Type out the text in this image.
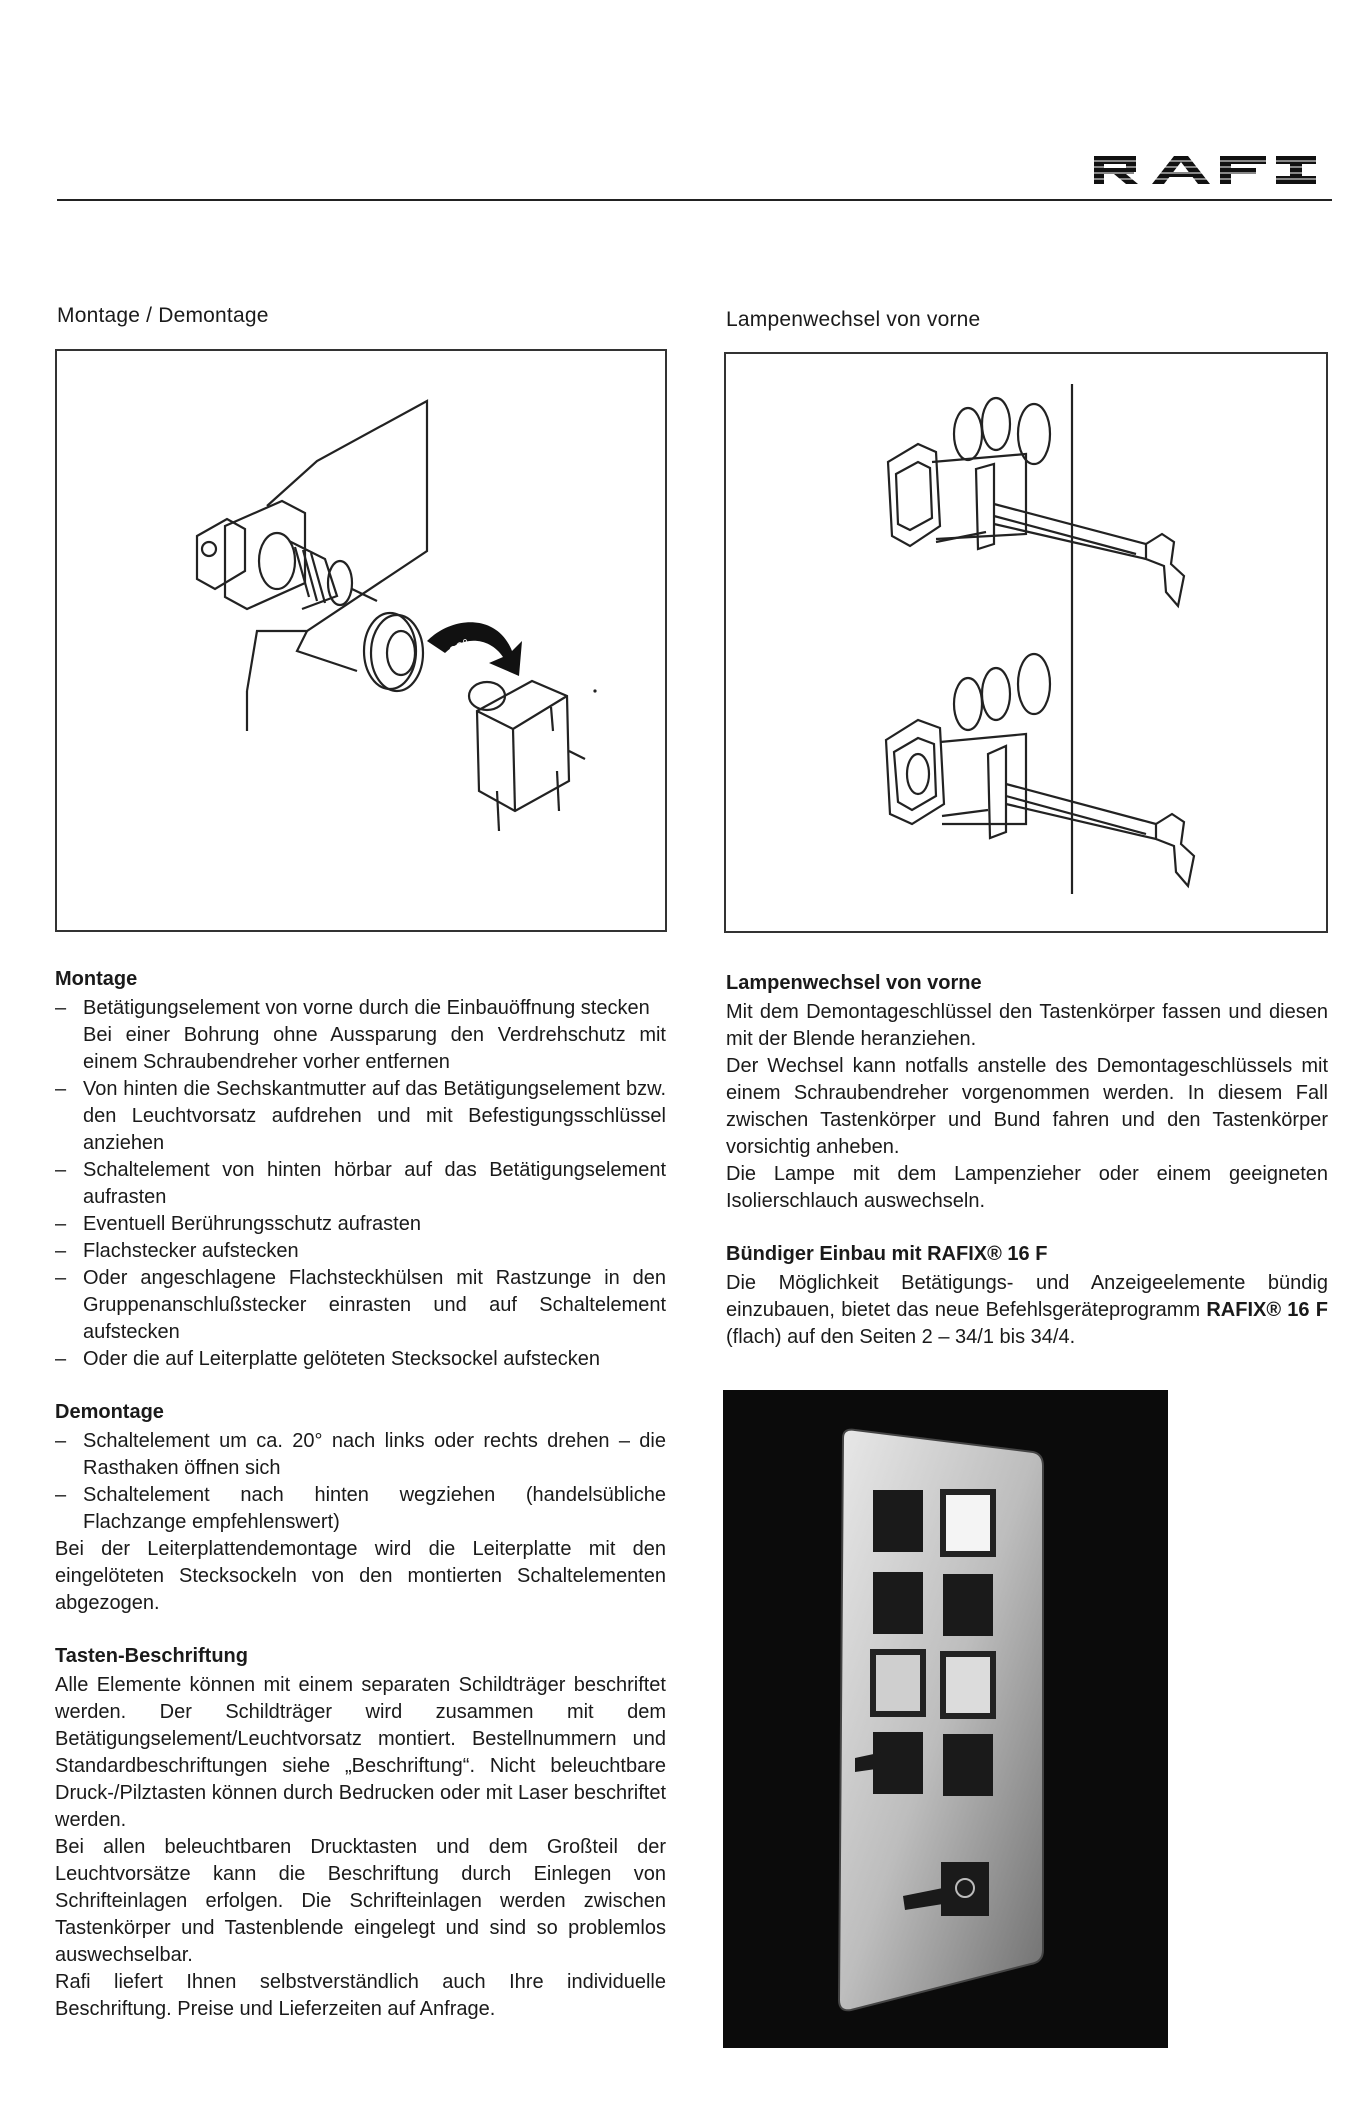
Montage / Demontage
20°
Lampenwechsel von vorne
Montage
– Betätigungselement von vorne durch die Einbauöffnung stecken
Bei einer Bohrung ohne Aussparung den Verdrehschutz mit einem Schraubendreher vorher entfernen
– Von hinten die Sechskantmutter auf das Betätigungselement bzw. den Leuchtvorsatz aufdrehen und mit Befestigungsschlüssel anziehen
– Schaltelement von hinten hörbar auf das Betätigungselement aufrasten
– Eventuell Berührungsschutz aufrasten
– Flachstecker aufstecken
– Oder angeschlagene Flachsteckhülsen mit Rastzunge in den Gruppenanschlußstecker einrasten und auf Schaltelement aufstecken
– Oder die auf Leiterplatte gelöteten Stecksockel aufstecken
Demontage
– Schaltelement um ca. 20° nach links oder rechts drehen – die Rasthaken öffnen sich
– Schaltelement nach hinten wegziehen (handelsübliche Flachzange empfehlenswert)

Bei der Leiterplattendemontage wird die Leiterplatte mit den eingelöteten Stecksockeln von den montierten Schaltelementen abgezogen.

Tasten-Beschriftung

Alle Elemente können mit einem separaten Schildträger beschriftet werden. Der Schildträger wird zusammen mit dem Betätigungselement/Leuchtvorsatz montiert. Bestellnummern und Standardbeschriftungen siehe „Beschriftung“. Nicht beleuchtbare Druck-/Pilztasten können durch Bedrucken oder mit Laser beschriftet werden.

Bei allen beleuchtbaren Drucktasten und dem Großteil der Leuchtvorsätze kann die Beschriftung durch Einlegen von Schrifteinlagen erfolgen. Die Schrifteinlagen werden zwischen Tastenkörper und Tastenblende eingelegt und sind so problemlos auswechselbar.

Rafi liefert Ihnen selbstverständlich auch Ihre individuelle Beschriftung. Preise und Lieferzeiten auf Anfrage.

Lampenwechsel von vorne

Mit dem Demontageschlüssel den Tastenkörper fassen und diesen mit der Blende heranziehen.

Der Wechsel kann notfalls anstelle des Demontageschlüssels mit einem Schraubendreher vorgenommen werden. In diesem Fall zwischen Tastenkörper und Bund fahren und den Tastenkörper vorsichtig anheben.

Die Lampe mit dem Lampenzieher oder einem geeigneten Isolierschlauch auswechseln.

Bündiger Einbau mit RAFIX® 16 F

Die Möglichkeit Betätigungs- und Anzeigeelemente bündig einzubauen, bietet das neue Befehlsgeräteprogramm RAFIX® 16 F (flach) auf den Seiten 2 – 34/1 bis 34/4.
